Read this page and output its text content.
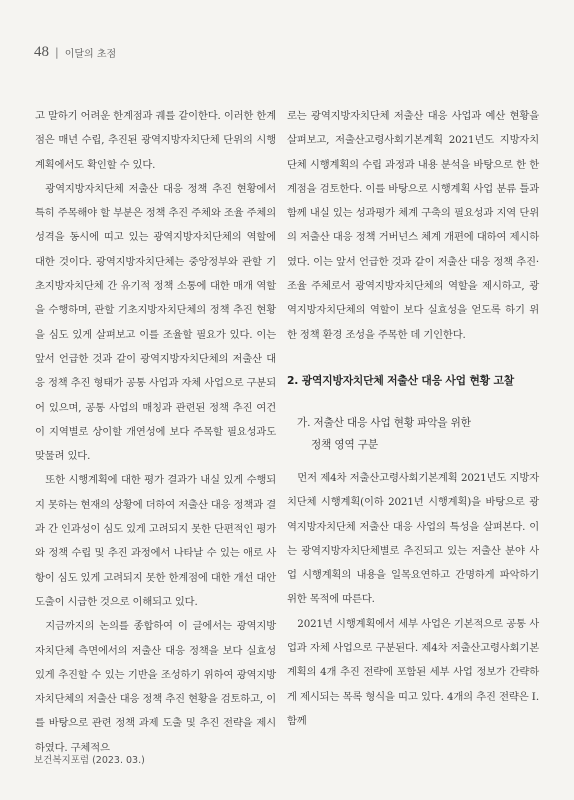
48 | 이달의 초점

고 말하기 어려운 한계점과 궤를 같이한다. 이러한 한계점은 매년 수립, 추진된 광역지방자치단체 단위의 시행계획에서도 확인할 수 있다.

광역지방자치단체 저출산 대응 정책 추진 현황에서 특히 주목해야 할 부분은 정책 추진 주체와 조율 주체의 성격을 동시에 띠고 있는 광역지방자치단체의 역할에 대한 것이다. 광역지방자치단체는 중앙정부와 관할 기초지방자치단체 간 유기적 정책 소통에 대한 매개 역할을 수행하며, 관할 기초지방자치단체의 정책 추진 현황을 심도 있게 살펴보고 이를 조율할 필요가 있다. 이는 앞서 언급한 것과 같이 광역지방자치단체의 저출산 대응 정책 추진 형태가 공통 사업과 자체 사업으로 구분되어 있으며, 공통 사업의 매칭과 관련된 정책 추진 여건이 지역별로 상이할 개연성에 보다 주목할 필요성과도 맞물려 있다.

또한 시행계획에 대한 평가 결과가 내실 있게 수행되지 못하는 현재의 상황에 더하여 저출산 대응 정책과 결과 간 인과성이 심도 있게 고려되지 못한 단편적인 평가와 정책 수립 및 추진 과정에서 나타날 수 있는 애로 사항이 심도 있게 고려되지 못한 한계점에 대한 개선 대안 도출이 시급한 것으로 이해되고 있다.

지금까지의 논의를 종합하여 이 글에서는 광역지방자치단체 측면에서의 저출산 대응 정책을 보다 실효성 있게 추진할 수 있는 기반을 조성하기 위하여 광역지방자치단체의 저출산 대응 정책 추진 현황을 검토하고, 이를 바탕으로 관련 정책 과제 도출 및 추진 전략을 제시하였다. 구체적으

로는 광역지방자치단체 저출산 대응 사업과 예산 현황을 살펴보고, 저출산고령사회기본계획 2021년도 지방자치단체 시행계획의 수립 과정과 내용 분석을 바탕으로 한 한계점을 검토한다. 이를 바탕으로 시행계획 사업 분류 틀과 함께 내실 있는 성과평가 체계 구축의 필요성과 지역 단위의 저출산 대응 정책 거버넌스 체계 개편에 대하여 제시하였다. 이는 앞서 언급한 것과 같이 저출산 대응 정책 추진·조율 주체로서 광역지방자치단체의 역할을 제시하고, 광역지방자치단체의 역할이 보다 실효성을 얻도록 하기 위한 정책 환경 조성을 주목한 데 기인한다.

2. 광역지방자치단체 저출산 대응 사업 현황 고찰
가. 저출산 대응 사업 현황 파악을 위한
정책 영역 구분

먼저 제4차 저출산고령사회기본계획 2021년도 지방자치단체 시행계획(이하 2021년 시행계획)을 바탕으로 광역지방자치단체 저출산 대응 사업의 특성을 살펴본다. 이는 광역지방자치단체별로 추진되고 있는 저출산 분야 사업 시행계획의 내용을 일목요연하고 간명하게 파악하기 위한 목적에 따른다.

2021년 시행계획에서 세부 사업은 기본적으로 공통 사업과 자체 사업으로 구분된다. 제4차 저출산고령사회기본계획의 4개 추진 전략에 포함된 세부 사업 정보가 간략하게 제시되는 목록 형식을 띠고 있다. 4개의 추진 전략은 Ⅰ. 함께

보건복지포럼 (2023. 03.)
